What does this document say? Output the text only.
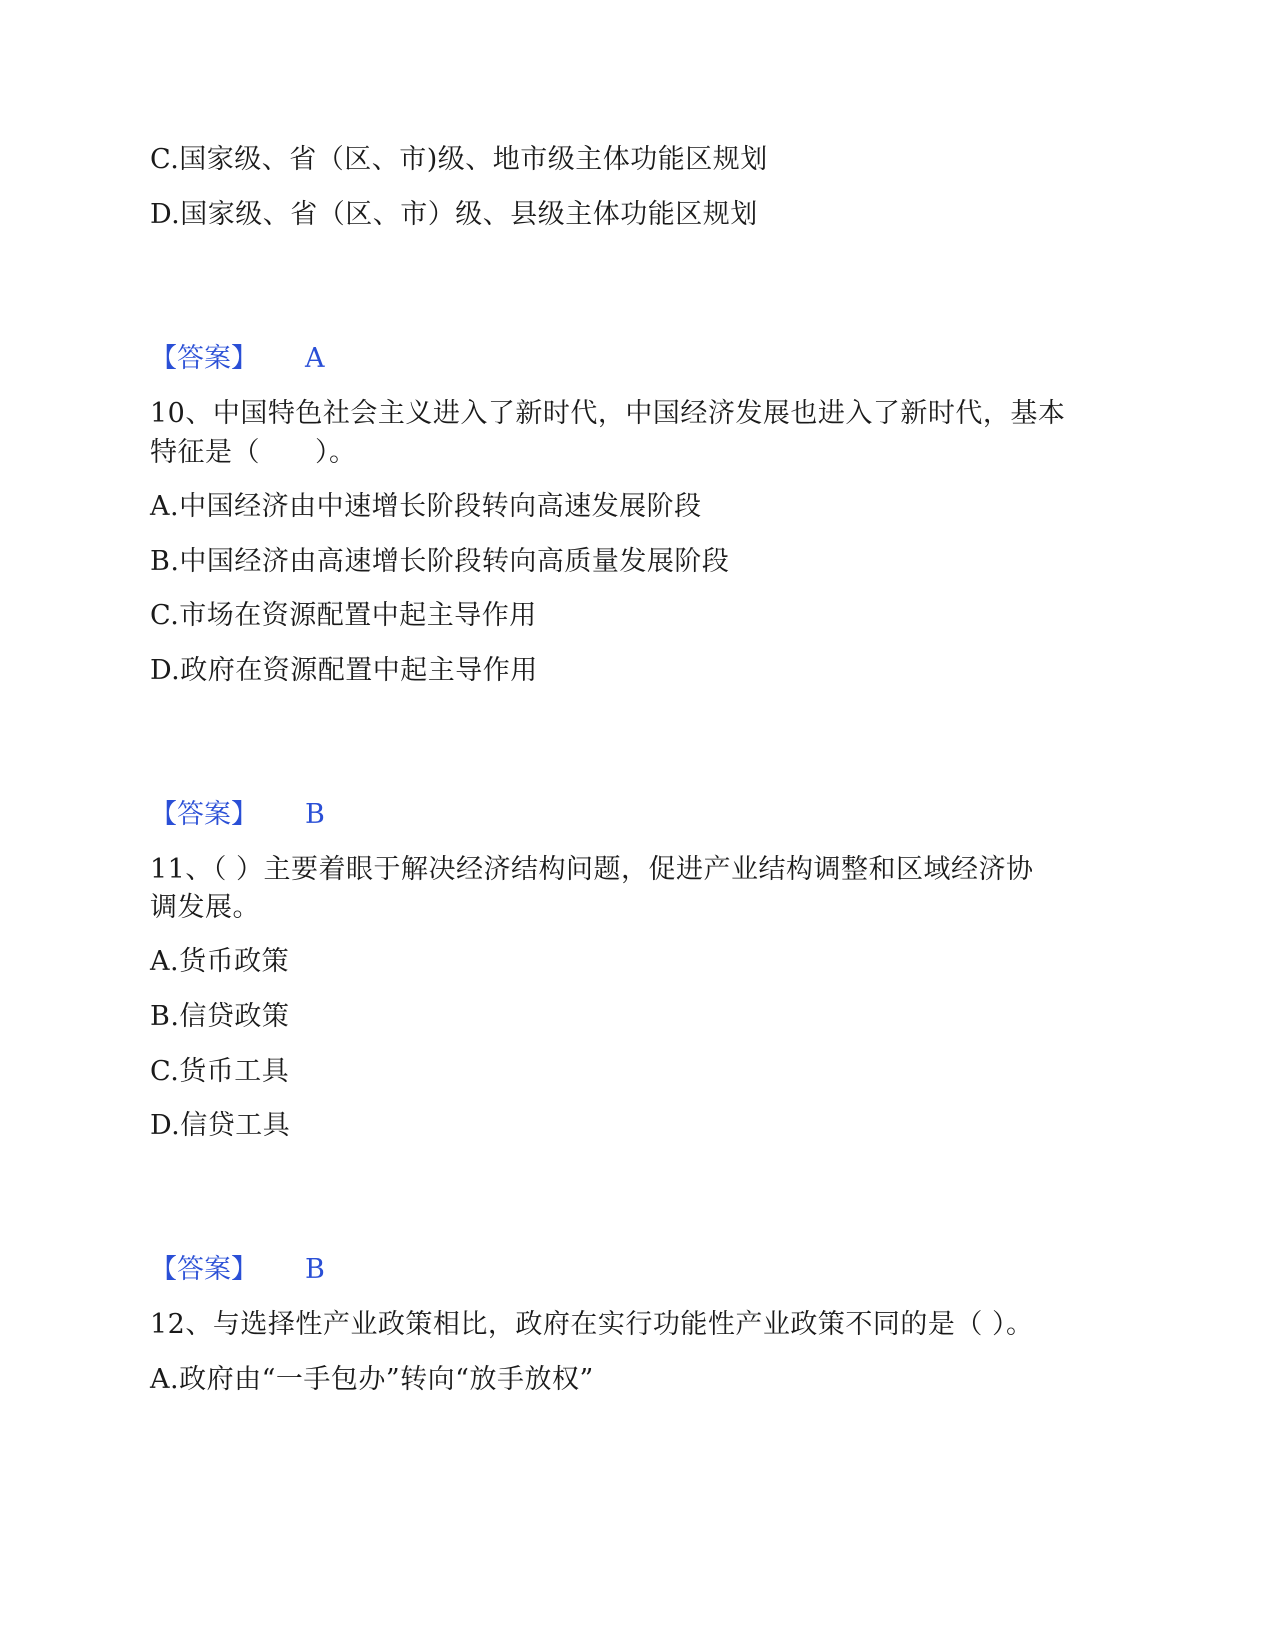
C.国家级、省（区、市)级、地市级主体功能区规划
D.国家级、省（区、市）级、县级主体功能区规划
【答案】 A
10、中国特色社会主义进入了新时代，中国经济发展也进入了新时代，基本
特征是（　　）。
A.中国经济由中速增长阶段转向高速发展阶段
B.中国经济由高速增长阶段转向高质量发展阶段
C.市场在资源配置中起主导作用
D.政府在资源配置中起主导作用
【答案】 B
11、（ ）主要着眼于解决经济结构问题，促进产业结构调整和区域经济协
调发展。
A.货币政策
B.信贷政策
C.货币工具
D.信贷工具
【答案】 B
12、与选择性产业政策相比，政府在实行功能性产业政策不同的是（ ）。
A.政府由“一手包办”转向“放手放权”
